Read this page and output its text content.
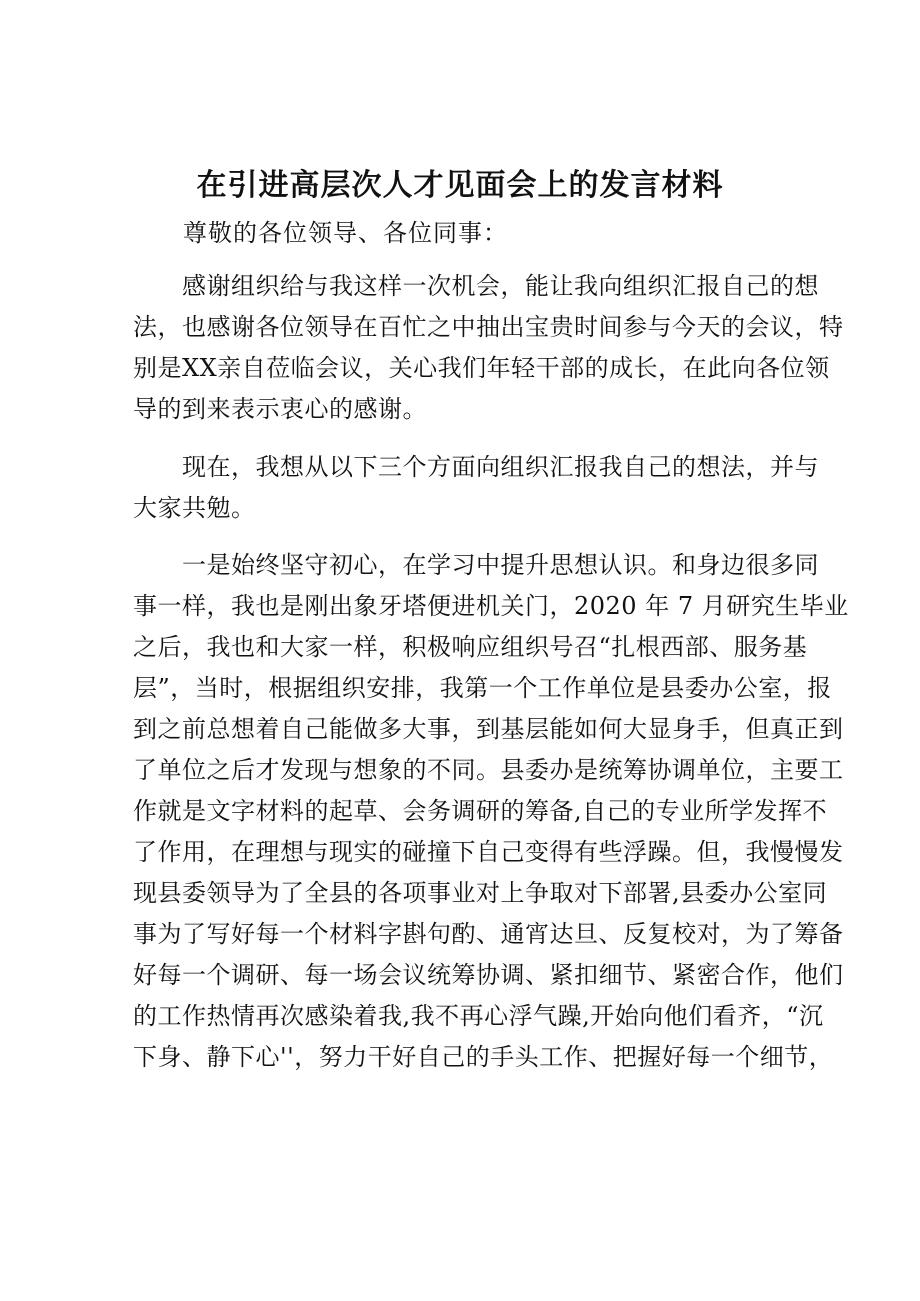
在引进高层次人才见面会上的发言材料

尊敬的各位领导、各位同事：

　　感谢组织给与我这样一次机会，能让我向组织汇报自己的想
法，也感谢各位领导在百忙之中抽出宝贵时间参与今天的会议，特
别是XX亲自莅临会议，关心我们年轻干部的成长，在此向各位领
导的到来表示衷心的感谢。
　　现在，我想从以下三个方面向组织汇报我自己的想法，并与
大家共勉。
　　一是始终坚守初心，在学习中提升思想认识。和身边很多同
事一样，我也是刚出象牙塔便进机关门，2020 年 7 月研究生毕业
之后，我也和大家一样，积极响应组织号召“扎根西部、服务基
层”，当时，根据组织安排，我第一个工作单位是县委办公室，报
到之前总想着自己能做多大事，到基层能如何大显身手，但真正到
了单位之后才发现与想象的不同。县委办是统筹协调单位，主要工
作就是文字材料的起草、会务调研的筹备,自己的专业所学发挥不
了作用，在理想与现实的碰撞下自己变得有些浮躁。但，我慢慢发
现县委领导为了全县的各项事业对上争取对下部署,县委办公室同
事为了写好每一个材料字斟句酌、通宵达旦、反复校对，为了筹备
好每一个调研、每一场会议统筹协调、紧扣细节、紧密合作，他们
的工作热情再次感染着我,我不再心浮气躁,开始向他们看齐，“沉
下身、静下心''，努力干好自己的手头工作、把握好每一个细节，
